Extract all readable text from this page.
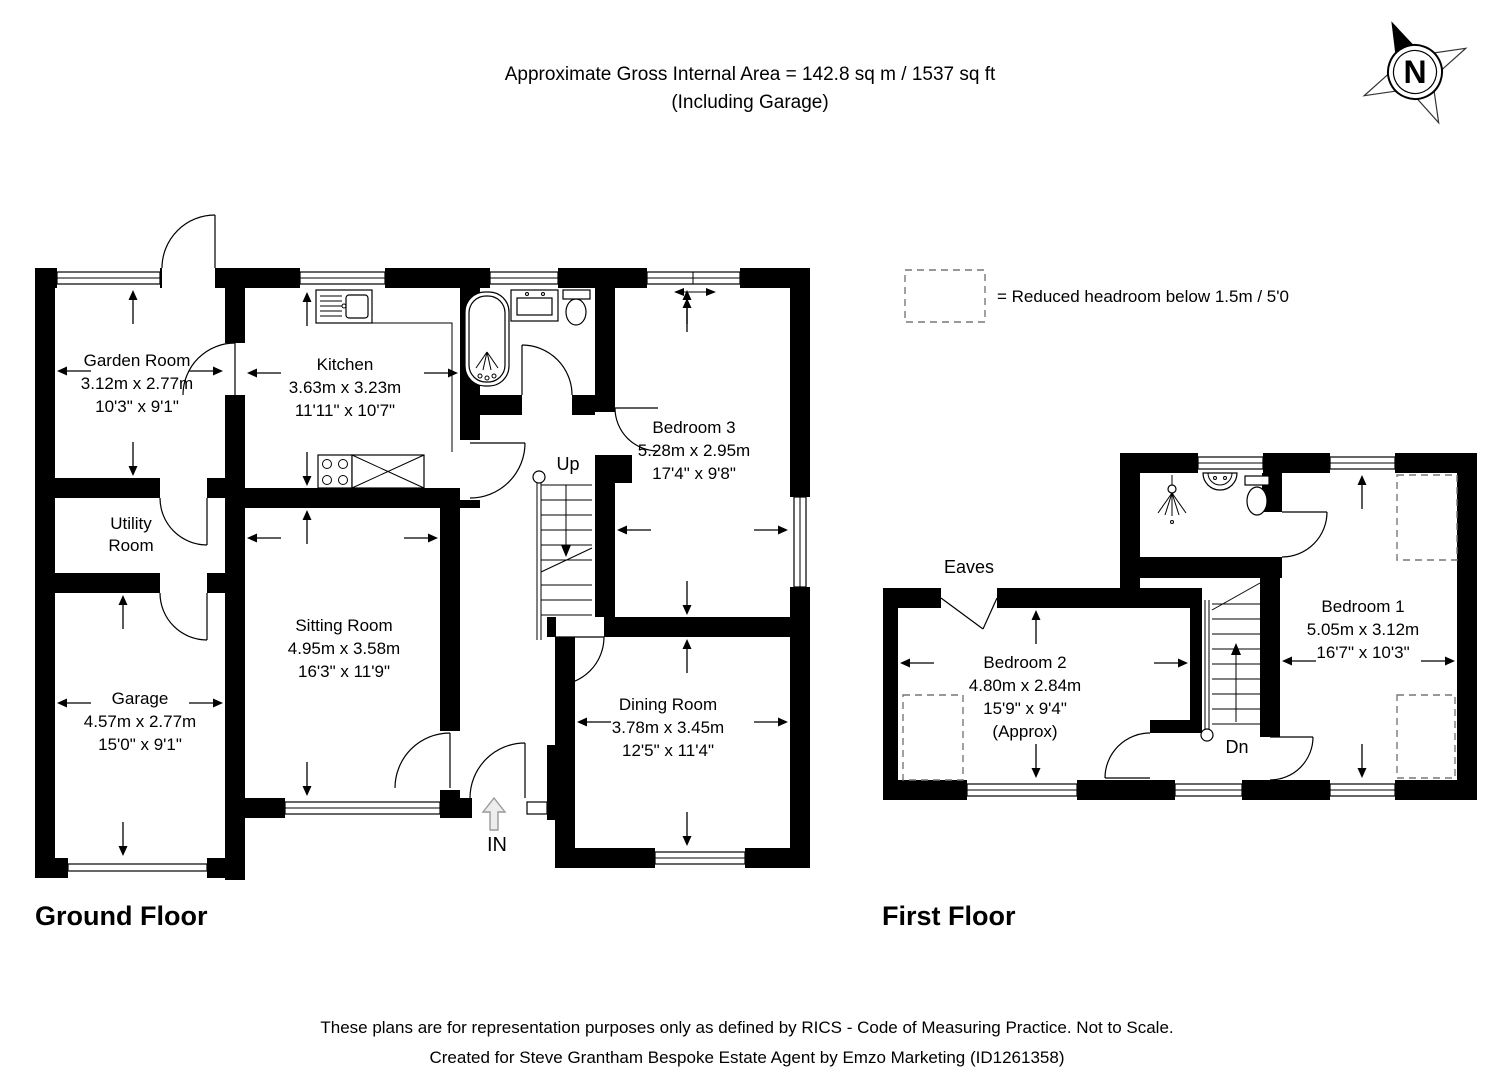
Approximate Gross Internal Area = 142.8 sq m / 1537 sq ft
(Including Garage)
N
= Reduced headroom below 1.5m / 5'0
Garden Room
3.12m x 2.77m
10'3" x 9'1"
Kitchen
3.63m x 3.23m
11'11" x 10'7"
Bedroom 3
5.28m x 2.95m
17'4" x 9'8"
Utility
Room
Sitting Room
4.95m x 3.58m
16'3" x 11'9"
Garage
4.57m x 2.77m
15'0" x 9'1"
Dining Room
3.78m x 3.45m
12'5" x 11'4"
Up
IN
Ground Floor
Eaves
Bedroom 2
4.80m x 2.84m
15'9" x 9'4"
(Approx)
Bedroom 1
5.05m x 3.12m
16'7" x 10'3"
Dn
First Floor
These plans are for representation purposes only as defined by RICS - Code of Measuring Practice. Not to Scale.
Created for Steve Grantham Bespoke Estate Agent by Emzo Marketing (ID1261358)
